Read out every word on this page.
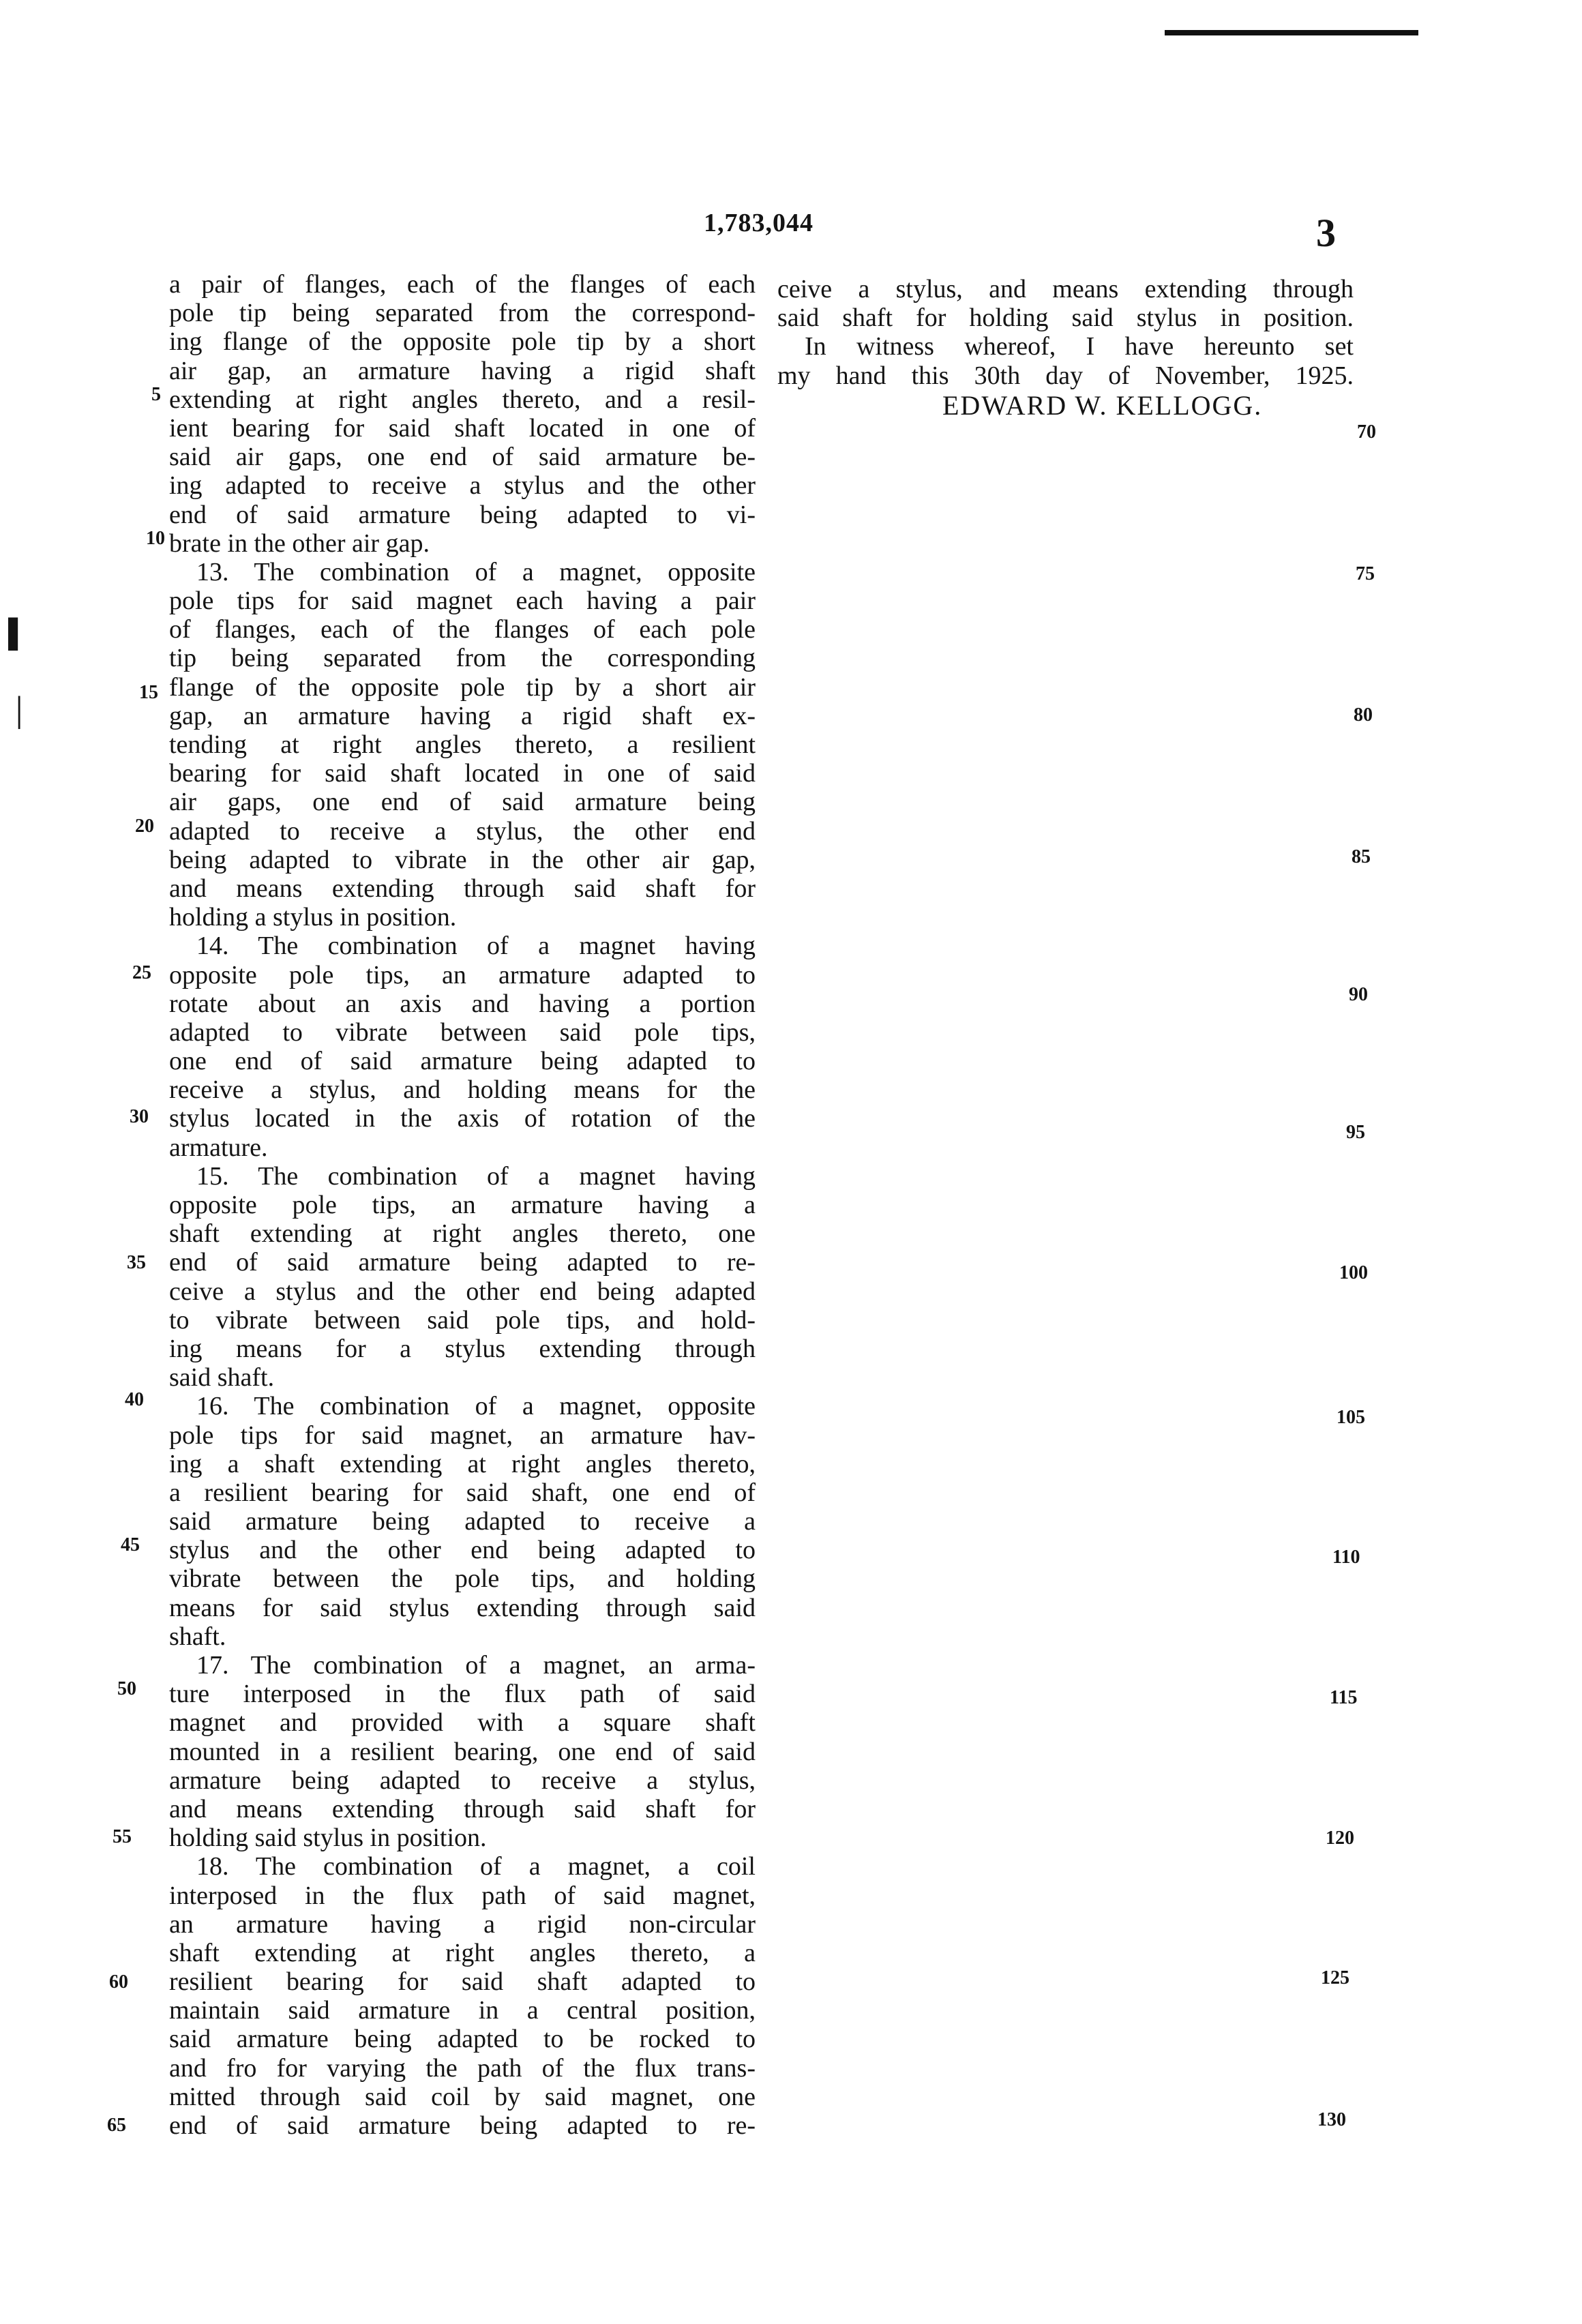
1,783,044	3
▌
│
a pair of flanges, each of the flanges of each
pole tip being separated from the correspond-
ing flange of the opposite pole tip by a short
air gap, an armature having a rigid shaft
extending at right angles thereto, and a resil-
ient bearing for said shaft located in one of
said air gaps, one end of said armature be-
ing adapted to receive a stylus and the other
end of said armature being adapted to vi-
brate in the other air gap.
13. The combination of a magnet, opposite
pole tips for said magnet each having a pair
of flanges, each of the flanges of each pole
tip being separated from the corresponding
flange of the opposite pole tip by a short air
gap, an armature having a rigid shaft ex-
tending at right angles thereto, a resilient
bearing for said shaft located in one of said
air gaps, one end of said armature being
adapted to receive a stylus, the other end
being adapted to vibrate in the other air gap,
and means extending through said shaft for
holding a stylus in position.
14. The combination of a magnet having
opposite pole tips, an armature adapted to
rotate about an axis and having a portion
adapted to vibrate between said pole tips,
one end of said armature being adapted to
receive a stylus, and holding means for the
stylus located in the axis of rotation of the
armature.
15. The combination of a magnet having
opposite pole tips, an armature having a
shaft extending at right angles thereto, one
end of said armature being adapted to re-
ceive a stylus and the other end being adapted
to vibrate between said pole tips, and hold-
ing means for a stylus extending through
said shaft.
16. The combination of a magnet, opposite
pole tips for said magnet, an armature hav-
ing a shaft extending at right angles thereto,
a resilient bearing for said shaft, one end of
said armature being adapted to receive a
stylus and the other end being adapted to
vibrate between the pole tips, and holding
means for said stylus extending through said
shaft.
17. The combination of a magnet, an arma-
ture interposed in the flux path of said
magnet and provided with a square shaft
mounted in a resilient bearing, one end of said
armature being adapted to receive a stylus,
and means extending through said shaft for
holding said stylus in position.
18. The combination of a magnet, a coil
interposed in the flux path of said magnet,
an armature having a rigid non-circular
shaft extending at right angles thereto, a
resilient bearing for said shaft adapted to
maintain said armature in a central position,
said armature being adapted to be rocked to
and fro for varying the path of the flux trans-
mitted through said coil by said magnet, one
end of said armature being adapted to re-
ceive a stylus, and means extending through
said shaft for holding said stylus in position.
In witness whereof, I have hereunto set
my hand this 30th day of November, 1925.
EDWARD W. KELLOGG.
5
10
15
20
25
30
35
40
45
50
55
60
65
70
75
80
85
90
95
100
105
110
115
120
125
130
